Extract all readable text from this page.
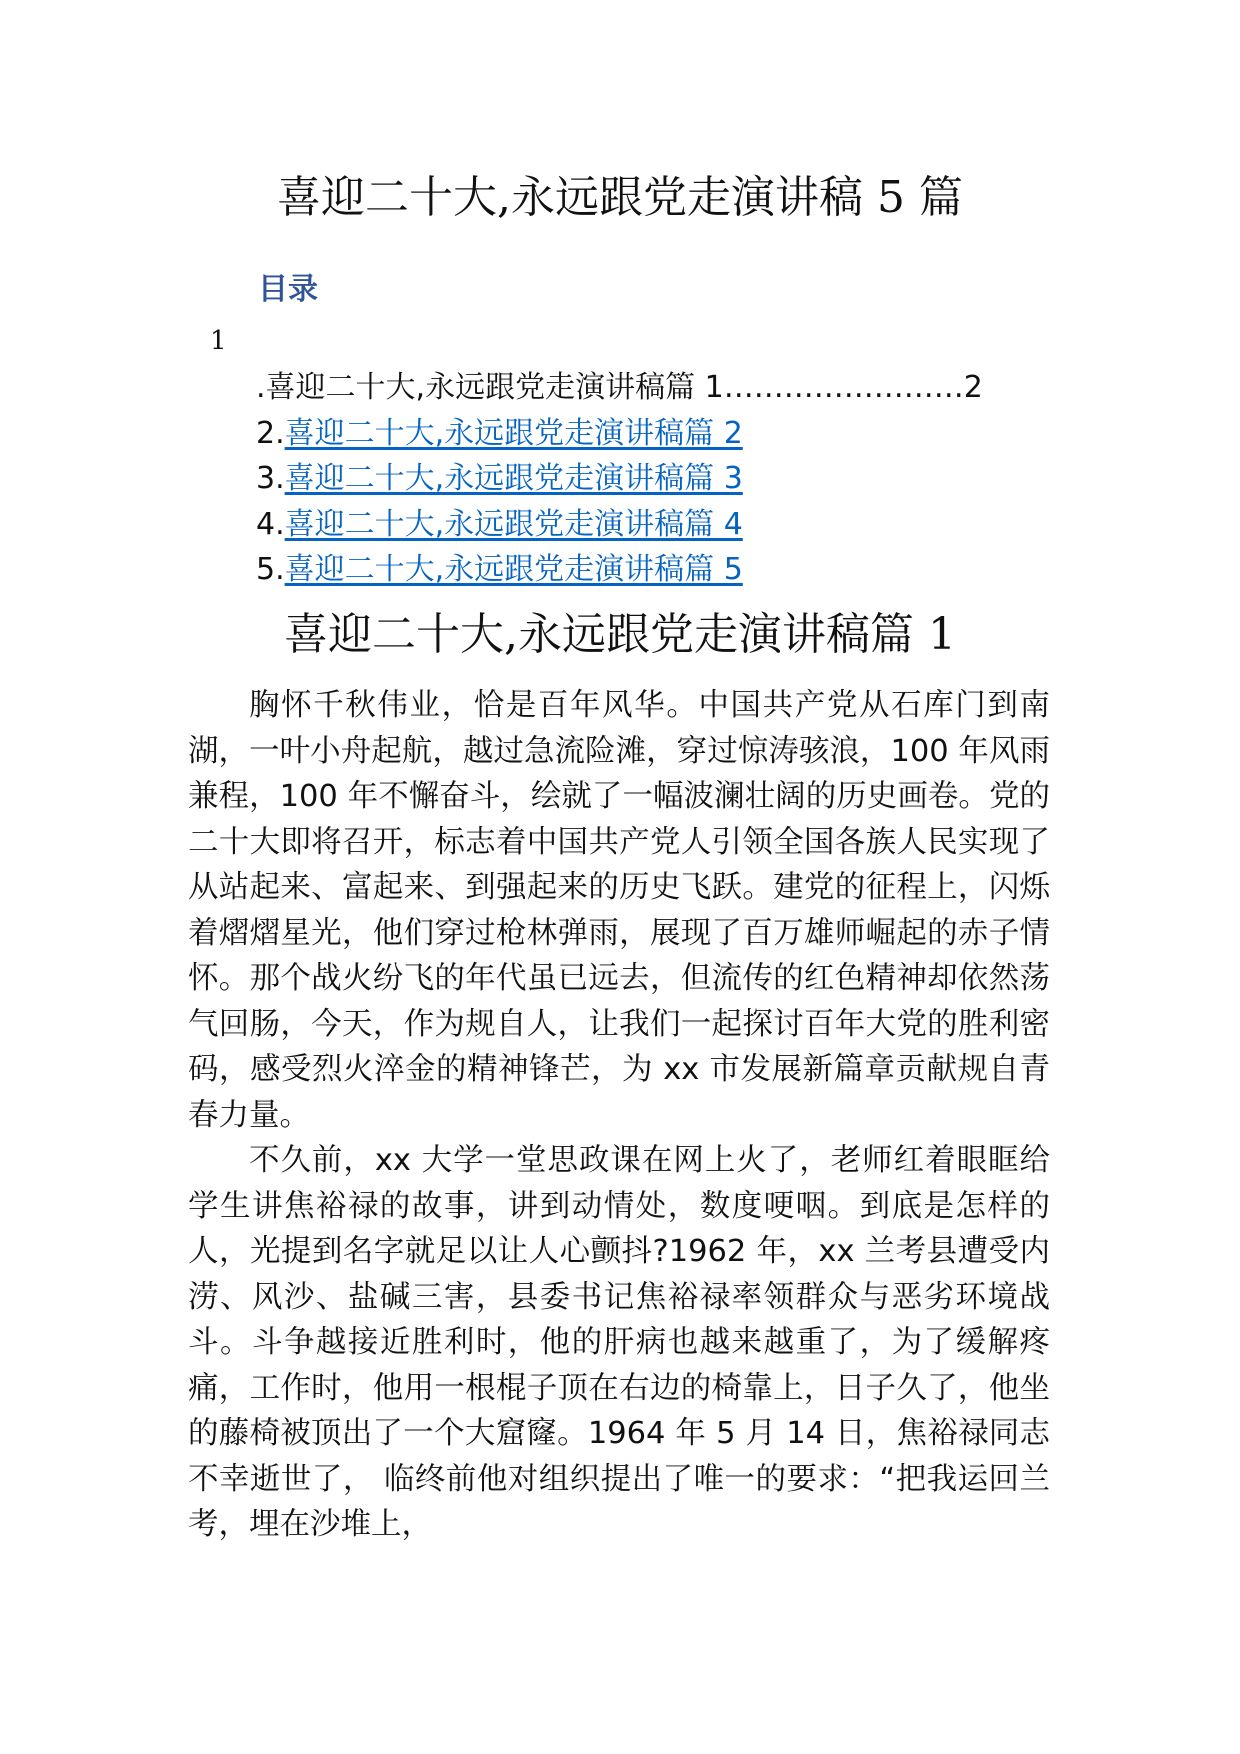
喜迎二十大,永远跟党走演讲稿 5 篇
目录
1
.喜迎二十大,永远跟党走演讲稿篇 1 …………………… 2
2. 喜迎二十大,永远跟党走演讲稿篇 2
3. 喜迎二十大,永远跟党走演讲稿篇 3
4. 喜迎二十大,永远跟党走演讲稿篇 4
5. 喜迎二十大,永远跟党走演讲稿篇 5
喜迎二十大,永远跟党走演讲稿篇 1

胸怀千秋伟业，恰是百年风华。中国共产党从石库门到南湖，一叶小舟起航，越过急流险滩，穿过惊涛骇浪，100 年风雨兼程，100 年不懈奋斗，绘就了一幅波澜壮阔的历史画卷。党的二十大即将召开，标志着中国共产党人引领全国各族人民实现了从站起来、富起来、到强起来的历史飞跃。建党的征程上，闪烁着熠熠星光，他们穿过枪林弹雨，展现了百万雄师崛起的赤子情怀。那个战火纷飞的年代虽已远去，但流传的红色精神却依然荡气回肠，今天，作为规自人，让我们一起探讨百年大党的胜利密码，感受烈火淬金的精神锋芒，为 xx 市发展新篇章贡献规自青春力量。

不久前，xx 大学一堂思政课在网上火了，老师红着眼眶给学生讲焦裕禄的故事，讲到动情处，数度哽咽。到底是怎样的人，光提到名字就足以让人心颤抖?1962 年，xx 兰考县遭受内涝、风沙、盐碱三害，县委书记焦裕禄率领群众与恶劣环境战斗。斗争越接近胜利时，他的肝病也越来越重了，为了缓解疼痛，工作时，他用一根棍子顶在右边的椅靠上，日子久了，他坐的藤椅被顶出了一个大窟窿。1964 年 5 月 14 日，焦裕禄同志不幸逝世了， 临终前他对组织提出了唯一的要求：“把我运回兰考，埋在沙堆上，
